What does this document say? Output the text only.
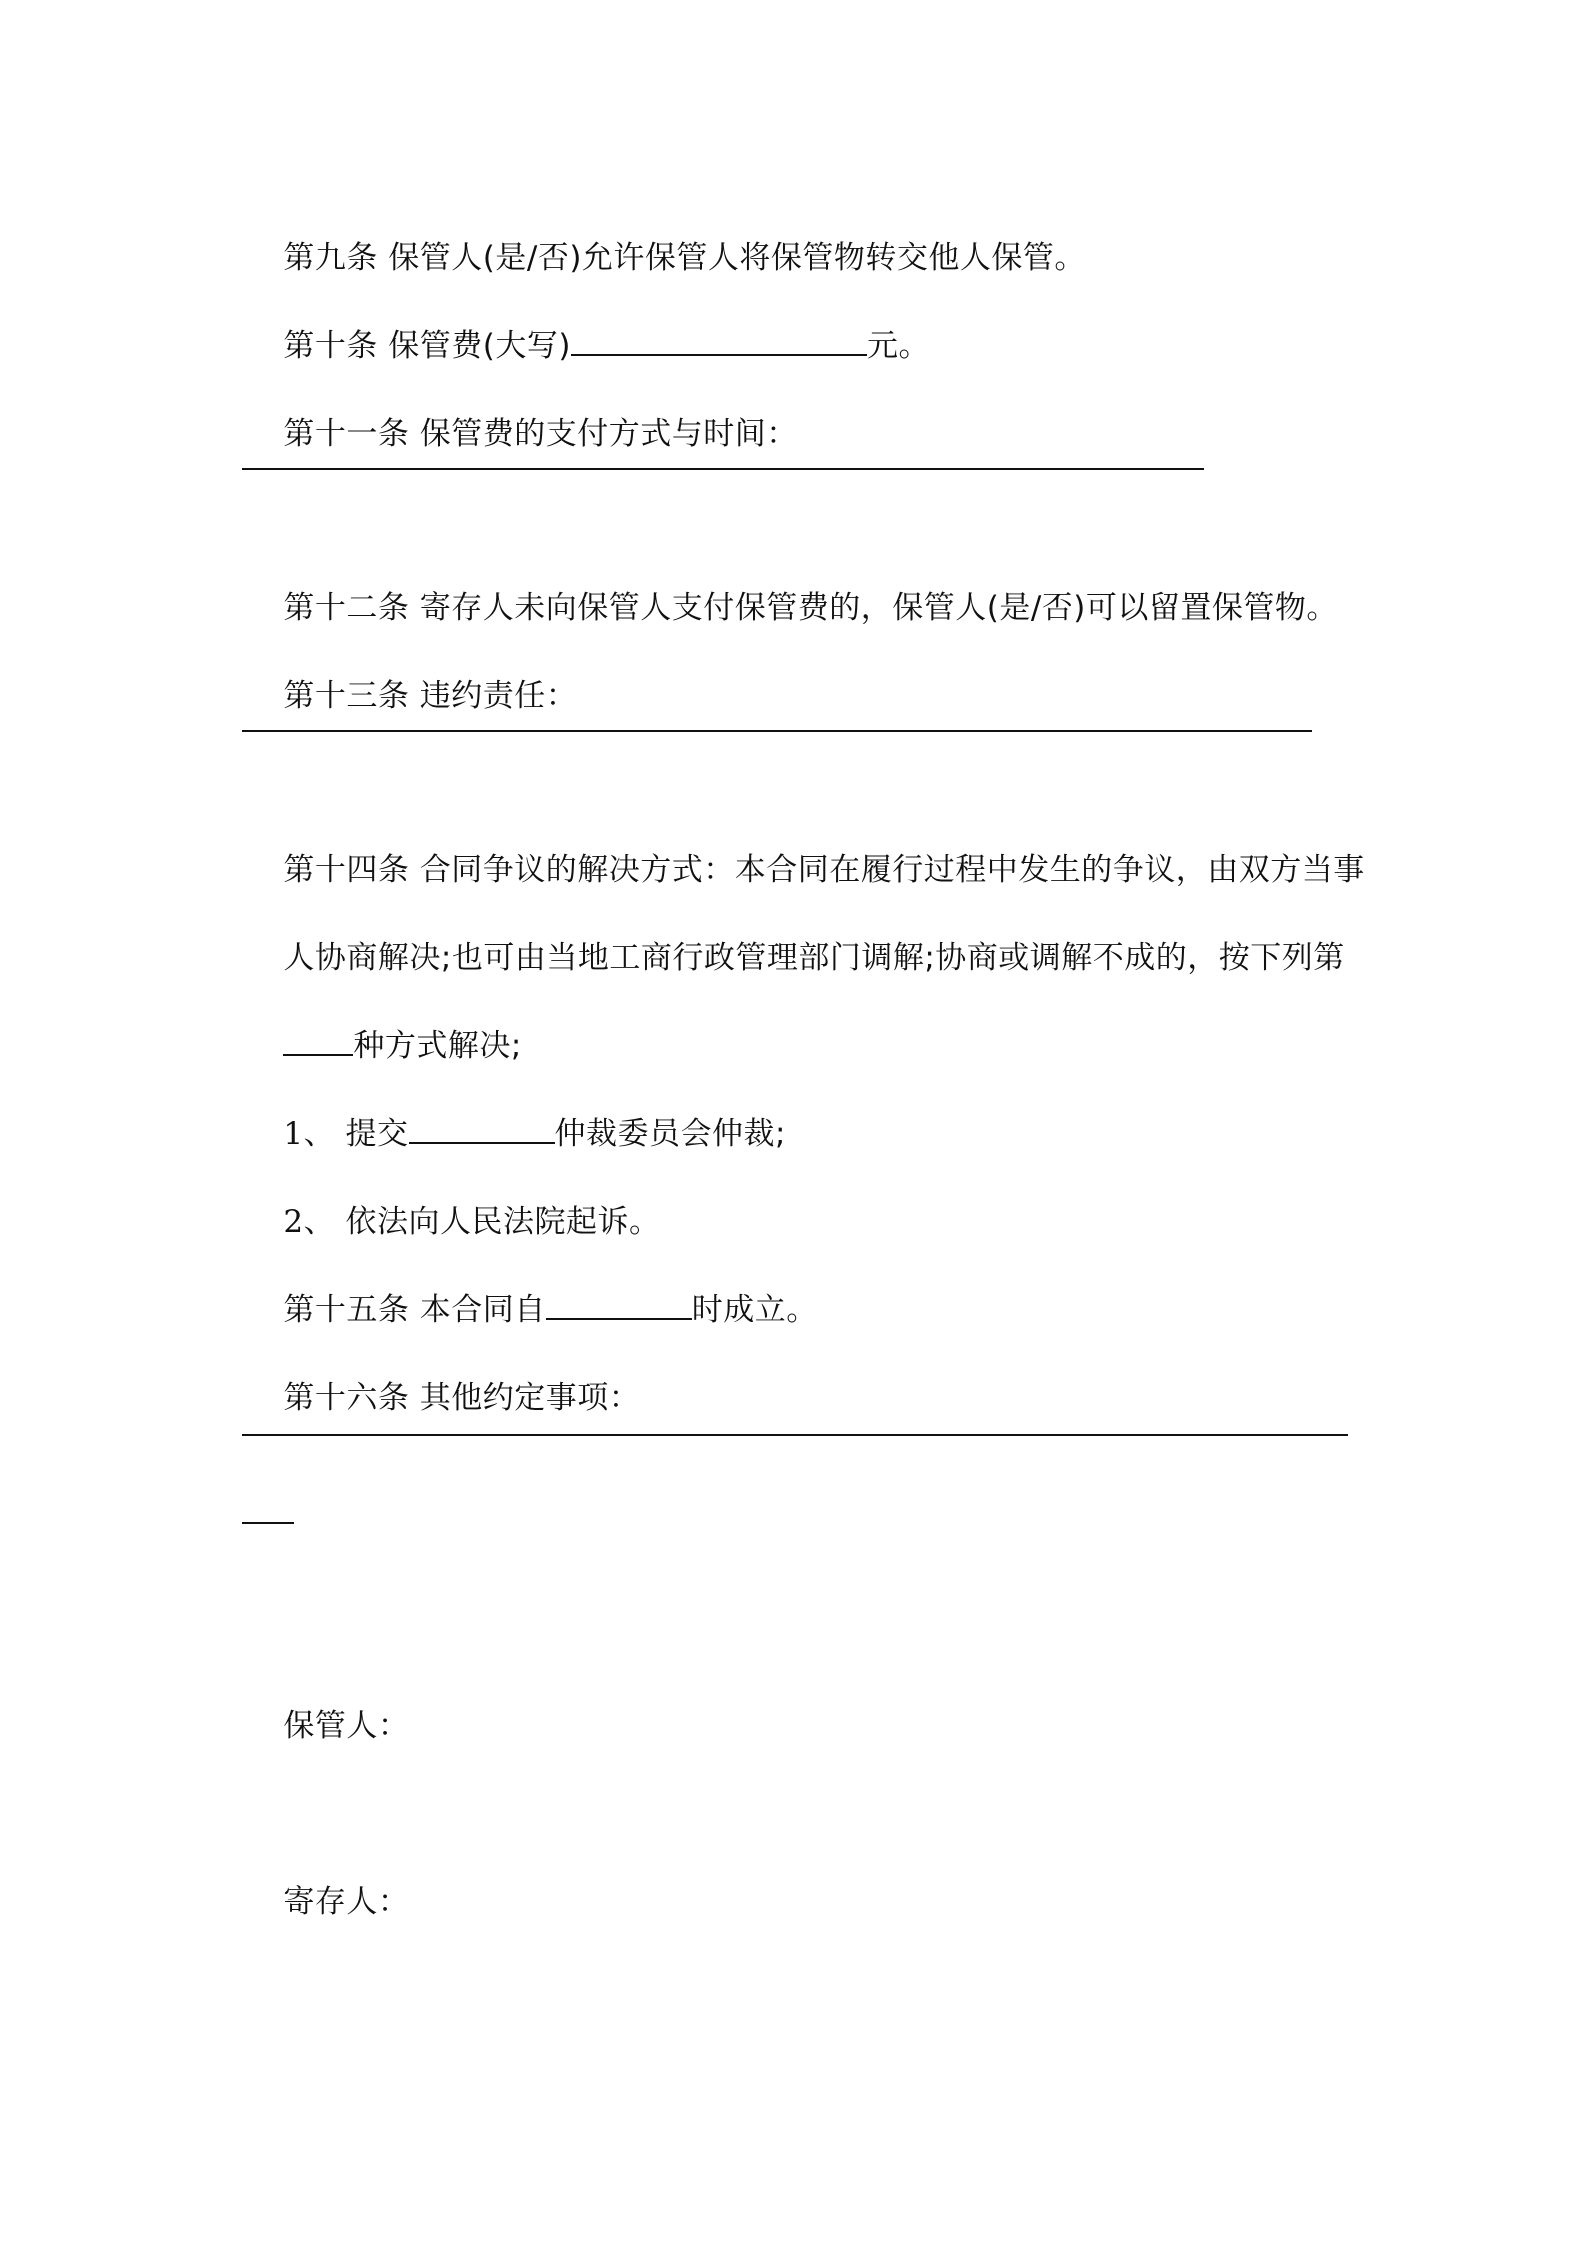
第九条 保管人(是/否)允许保管人将保管物转交他人保管。

第十条 保管费(大写)	元。

第十一条 保管费的支付方式与时间：

第十二条 寄存人未向保管人支付保管费的，保管人(是/否)可以留置保管物。

第十三条 违约责任：

第十四条 合同争议的解决方式：本合同在履行过程中发生的争议，由双方当事

人协商解决;也可由当地工商行政管理部门调解;协商或调解不成的，按下列第

种方式解决;

1、 提交	仲裁委员会仲裁;

2、 依法向人民法院起诉。

第十五条 本合同自	时成立。

第十六条 其他约定事项：

保管人：

寄存人：
